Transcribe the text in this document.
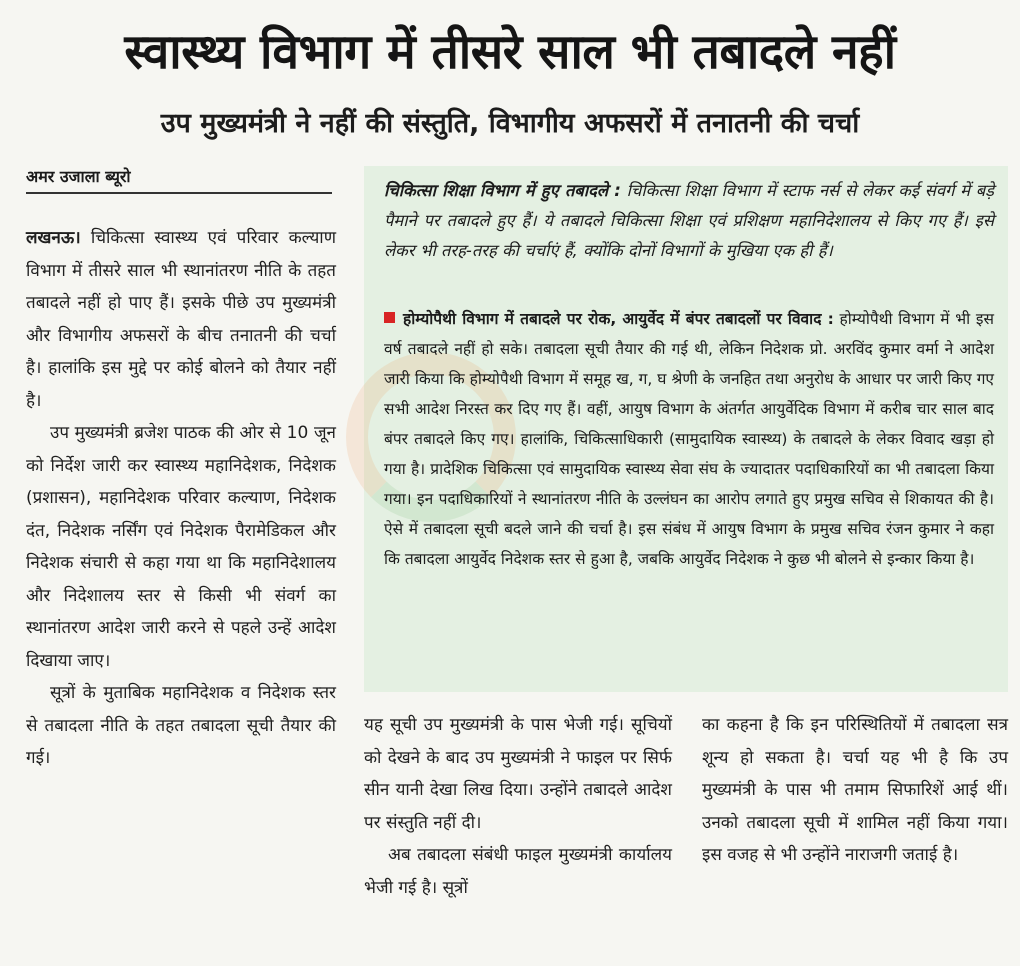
स्वास्थ्य विभाग में तीसरे साल भी तबादले नहीं
उप मुख्यमंत्री ने नहीं की संस्तुति, विभागीय अफसरों में तनातनी की चर्चा
अमर उजाला ब्यूरो

लखनऊ। चिकित्सा स्वास्थ्य एवं परिवार कल्याण विभाग में तीसरे साल भी स्थानांतरण नीति के तहत तबादले नहीं हो पाए हैं। इसके पीछे उप मुख्यमंत्री और विभागीय अफसरों के बीच तनातनी की चर्चा है। हालांकि इस मुद्दे पर कोई बोलने को तैयार नहीं है।

उप मुख्यमंत्री ब्रजेश पाठक की ओर से 10 जून को निर्देश जारी कर स्वास्थ्य महानिदेशक, निदेशक (प्रशासन), महानिदेशक परिवार कल्याण, निदेशक दंत, निदेशक नर्सिंग एवं निदेशक पैरामेडिकल और निदेशक संचारी से कहा गया था कि महानिदेशालय और निदेशालय स्तर से किसी भी संवर्ग का स्थानांतरण आदेश जारी करने से पहले उन्हें आदेश दिखाया जाए।

सूत्रों के मुताबिक महानिदेशक व निदेशक स्तर से तबादला नीति के तहत तबादला सूची तैयार की गई।

चिकित्सा शिक्षा विभाग में हुए तबादले : चिकित्सा शिक्षा विभाग में स्टाफ नर्स से लेकर कई संवर्ग में बड़े पैमाने पर तबादले हुए हैं। ये तबादले चिकित्सा शिक्षा एवं प्रशिक्षण महानिदेशालय से किए गए हैं। इसे लेकर भी तरह-तरह की चर्चाएं हैं, क्योंकि दोनों विभागों के मुखिया एक ही हैं।
होम्योपैथी विभाग में तबादले पर रोक, आयुर्वेद में बंपर तबादलों पर विवाद : होम्योपैथी विभाग में भी इस वर्ष तबादले नहीं हो सके। तबादला सूची तैयार की गई थी, लेकिन निदेशक प्रो. अरविंद कुमार वर्मा ने आदेश जारी किया कि होम्योपैथी विभाग में समूह ख, ग, घ श्रेणी के जनहित तथा अनुरोध के आधार पर जारी किए गए सभी आदेश निरस्त कर दिए गए हैं। वहीं, आयुष विभाग के अंतर्गत आयुर्वेदिक विभाग में करीब चार साल बाद बंपर तबादले किए गए। हालांकि, चिकित्साधिकारी (सामुदायिक स्वास्थ्य) के तबादले के लेकर विवाद खड़ा हो गया है। प्रादेशिक चिकित्सा एवं सामुदायिक स्वास्थ्य सेवा संघ के ज्यादातर पदाधिकारियों का भी तबादला किया गया। इन पदाधिकारियों ने स्थानांतरण नीति के उल्लंघन का आरोप लगाते हुए प्रमुख सचिव से शिकायत की है। ऐसे में तबादला सूची बदले जाने की चर्चा है। इस संबंध में आयुष विभाग के प्रमुख सचिव रंजन कुमार ने कहा कि तबादला आयुर्वेद निदेशक स्तर से हुआ है, जबकि आयुर्वेद निदेशक ने कुछ भी बोलने से इन्कार किया है।

यह सूची उप मुख्यमंत्री के पास भेजी गई। सूचियों को देखने के बाद उप मुख्यमंत्री ने फाइल पर सिर्फ सीन यानी देखा लिख दिया। उन्होंने तबादले आदेश पर संस्तुति नहीं दी।

अब तबादला संबंधी फाइल मुख्यमंत्री कार्यालय भेजी गई है। सूत्रों

का कहना है कि इन परिस्थितियों में तबादला सत्र शून्य हो सकता है। चर्चा यह भी है कि उप मुख्यमंत्री के पास भी तमाम सिफारिशें आई थीं। उनको तबादला सूची में शामिल नहीं किया गया। इस वजह से भी उन्होंने नाराजगी जताई है।
